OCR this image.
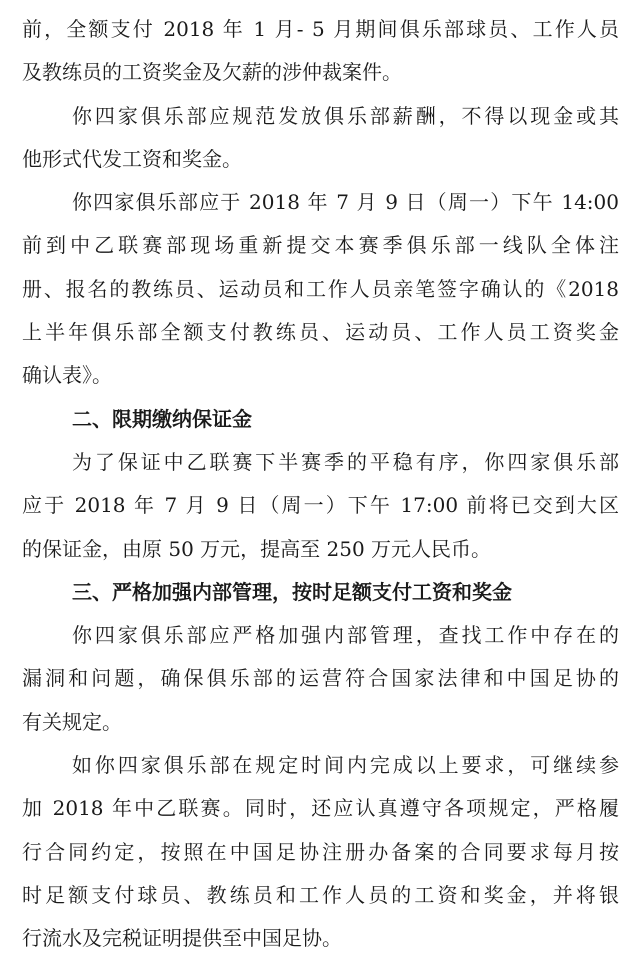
前，全额支付 2018 年 1 月- 5 月期间俱乐部球员、工作人员
及教练员的工资奖金及欠薪的涉仲裁案件。
你四家俱乐部应规范发放俱乐部薪酬，不得以现金或其
他形式代发工资和奖金。
你四家俱乐部应于 2018 年 7 月 9 日（周一）下午 14:00
前到中乙联赛部现场重新提交本赛季俱乐部一线队全体注
册、报名的教练员、运动员和工作人员亲笔签字确认的《2018
上半年俱乐部全额支付教练员、运动员、工作人员工资奖金
确认表》。
二、限期缴纳保证金
为了保证中乙联赛下半赛季的平稳有序，你四家俱乐部
应于 2018 年 7 月 9 日（周一）下午 17:00 前将已交到大区
的保证金，由原 50 万元，提高至 250 万元人民币。
三、严格加强内部管理，按时足额支付工资和奖金
你四家俱乐部应严格加强内部管理，查找工作中存在的
漏洞和问题，确保俱乐部的运营符合国家法律和中国足协的
有关规定。
如你四家俱乐部在规定时间内完成以上要求，可继续参
加 2018 年中乙联赛。同时，还应认真遵守各项规定，严格履
行合同约定，按照在中国足协注册办备案的合同要求每月按
时足额支付球员、教练员和工作人员的工资和奖金，并将银
行流水及完税证明提供至中国足协。
